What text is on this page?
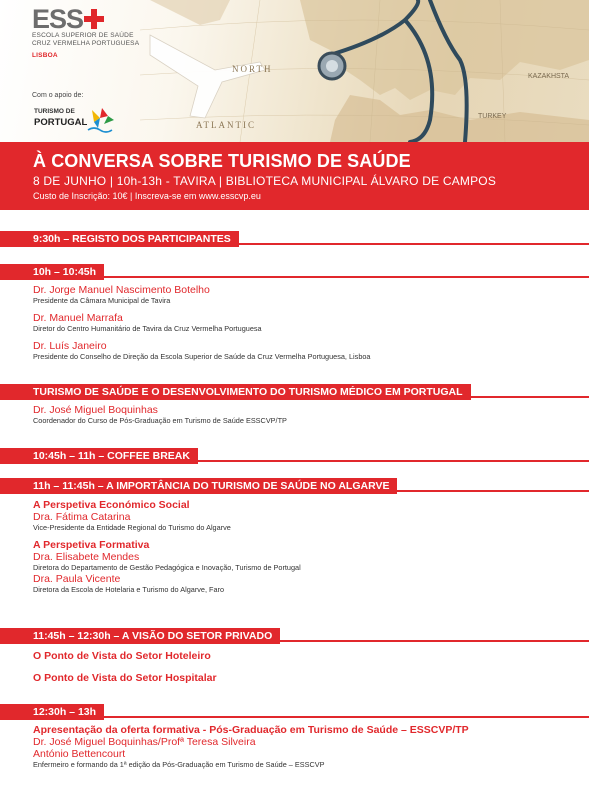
NORTH
ATLANTIC
KAZAKHSTA
TURKEY
ESS
ESCOLA SUPERIOR DE SAÚDE
CRUZ VERMELHA PORTUGUESA
LISBOA
Com o apoio de:
TURISMO DE
PORTUGAL
À CONVERSA SOBRE TURISMO DE SAÚDE
8 DE JUNHO | 10h-13h - TAVIRA | BIBLIOTECA MUNICIPAL ÁLVARO DE CAMPOS
Custo de Inscrição: 10€ | Inscreva-se em www.esscvp.eu
9:30h – REGISTO DOS PARTICIPANTES
10h – 10:45h
Dr. Jorge Manuel Nascimento Botelho
Presidente da Câmara Municipal de Tavira
Dr. Manuel Marrafa
Diretor do Centro Humanitário de Tavira da Cruz Vermelha Portuguesa
Dr. Luís Janeiro
Presidente do Conselho de Direção da Escola Superior de Saúde da Cruz Vermelha Portuguesa, Lisboa
TURISMO DE SAÚDE E O DESENVOLVIMENTO DO TURISMO MÉDICO EM PORTUGAL
Dr. José Miguel Boquinhas
Coordenador do Curso de Pós-Graduação em Turismo de Saúde ESSCVP/TP
10:45h – 11h – COFFEE BREAK
11h – 11:45h – A IMPORTÂNCIA DO TURISMO DE SAÚDE NO ALGARVE
A Perspetiva Económico Social
Dra. Fátima Catarina
Vice-Presidente da Entidade Regional do Turismo do Algarve
A Perspetiva Formativa
Dra. Elisabete Mendes
Diretora do Departamento de Gestão Pedagógica e Inovação, Turismo de Portugal
Dra. Paula Vicente
Diretora da Escola de Hotelaria e Turismo do Algarve, Faro
11:45h – 12:30h – A VISÃO DO SETOR PRIVADO
O Ponto de Vista do Setor Hoteleiro
O Ponto de Vista do Setor Hospitalar
12:30h – 13h
Apresentação da oferta formativa - Pós-Graduação em Turismo de Saúde – ESSCVP/TP
Dr. José Miguel Boquinhas/Profª Teresa Silveira
António Bettencourt
Enfermeiro e formando da 1ª edição da Pós-Graduação em Turismo de Saúde – ESSCVP
